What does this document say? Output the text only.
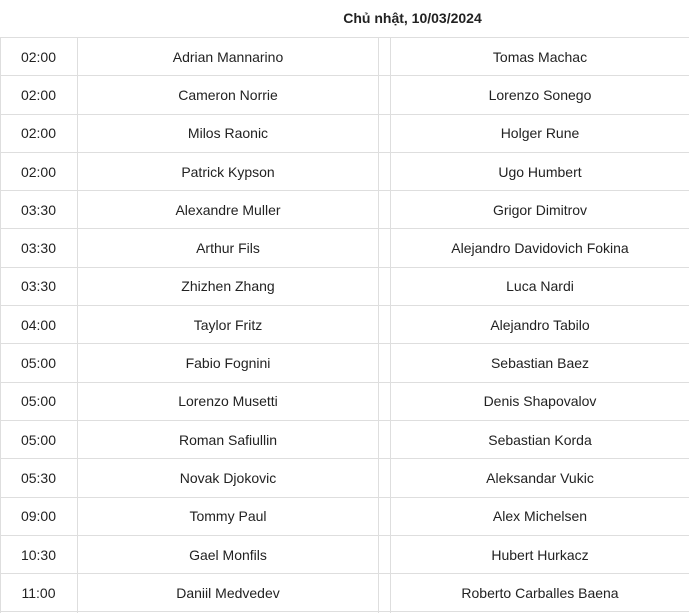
Chủ nhật, 10/03/2024
02:00	Adrian Mannarino	Tomas Machac
02:00	Cameron Norrie	Lorenzo Sonego
02:00	Milos Raonic	Holger Rune
02:00	Patrick Kypson	Ugo Humbert
03:30	Alexandre Muller	Grigor Dimitrov
03:30	Arthur Fils	Alejandro Davidovich Fokina
03:30	Zhizhen Zhang	Luca Nardi
04:00	Taylor Fritz	Alejandro Tabilo
05:00	Fabio Fognini	Sebastian Baez
05:00	Lorenzo Musetti	Denis Shapovalov
05:00	Roman Safiullin	Sebastian Korda
05:30	Novak Djokovic	Aleksandar Vukic
09:00	Tommy Paul	Alex Michelsen
10:30	Gael Monfils	Hubert Hurkacz
11:00	Daniil Medvedev	Roberto Carballes Baena
